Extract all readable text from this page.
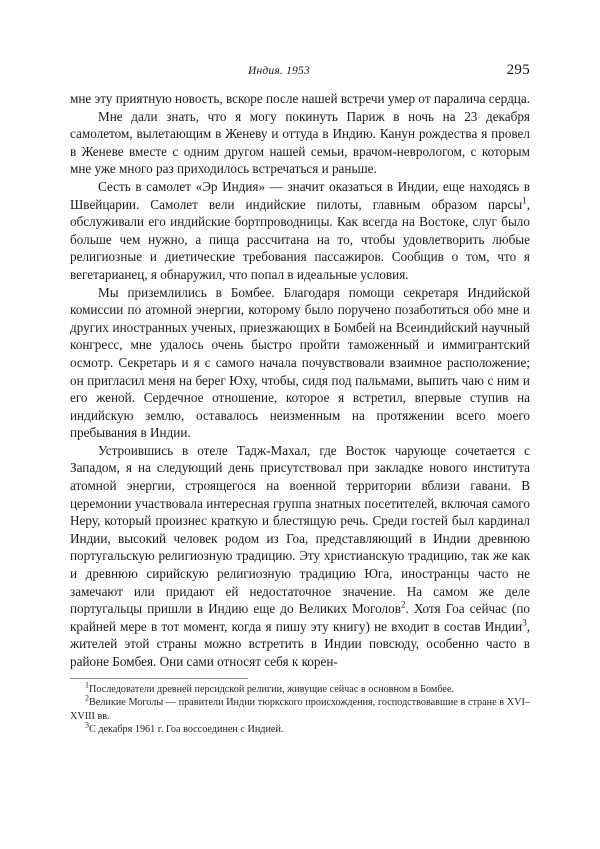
Индия. 1953	295

мне эту приятную новость, вскоре после нашей встречи умер от паралича сердца.

Мне дали знать, что я могу покинуть Париж в ночь на 23 декабря самолетом, вылетающим в Женеву и оттуда в Индию. Канун рождества я провел в Женеве вместе с одним другом нашей семьи, врачом-неврологом, с которым мне уже много раз приходилось встречаться и раньше.

Сесть в самолет «Эр Индия» — значит оказаться в Индии, еще находясь в Швейцарии. Самолет вели индийские пилоты, главным образом парсы$^1$, обслуживали его индийские бортпроводницы. Как всегда на Востоке, слуг было больше чем нужно, а пища рассчитана на то, чтобы удовлетворить любые религиозные и диетические требования пассажиров. Сообщив о том, что я вегетарианец, я обнаружил, что попал в идеальные условия.

Мы приземлились в Бомбее. Благодаря помощи секретаря Индийской комиссии по атомной энергии, которому было поручено позаботиться обо мне и других иностранных ученых, приезжающих в Бомбей на Всеиндийский научный конгресс, мне удалось очень быстро пройти таможенный и иммигрантский осмотр. Секретарь и я с самого начала почувствовали взаимное расположение; он пригласил меня на берег Юху, чтобы, сидя под пальмами, выпить чаю с ним и его женой. Сердечное отношение, которое я встретил, впервые ступив на индийскую землю, оставалось неизменным на протяжении всего моего пребывания в Индии.

Устроившись в отеле Тадж-Махал, где Восток чарующе сочетается с Западом, я на следующий день присутствовал при закладке нового института атомной энергии, строящегося на военной территории вблизи гавани. В церемонии участвовала интересная группа знатных посетителей, включая самого Неру, который произнес краткую и блестящую речь. Среди гостей был кардинал Индии, высокий человек родом из Гоа, представляющий в Индии древнюю португальскую религиозную традицию. Эту христианскую традицию, так же как и древнюю сирийскую религиозную традицию Юга, иностранцы часто не замечают или придают ей недостаточное значение. На самом же деле португальцы пришли в Индию еще до Великих Моголов$^2$. Хотя Гоа сейчас (по крайней мере в тот момент, когда я пишу эту книгу) не входит в состав Индии$^3$, жителей этой страны можно встретить в Индии повсюду, особенно часто в районе Бомбея. Они сами относят себя к корен-

$^1$Последователи древней персидской религии, живущие сейчас в основном в Бомбее.

$^2$Великие Моголы — правители Индии тюркского происхождения, господствовавшие в стране в XVI–XVIII вв.

$^3$С декабря 1961 г. Гоа воссоединен с Индией.
